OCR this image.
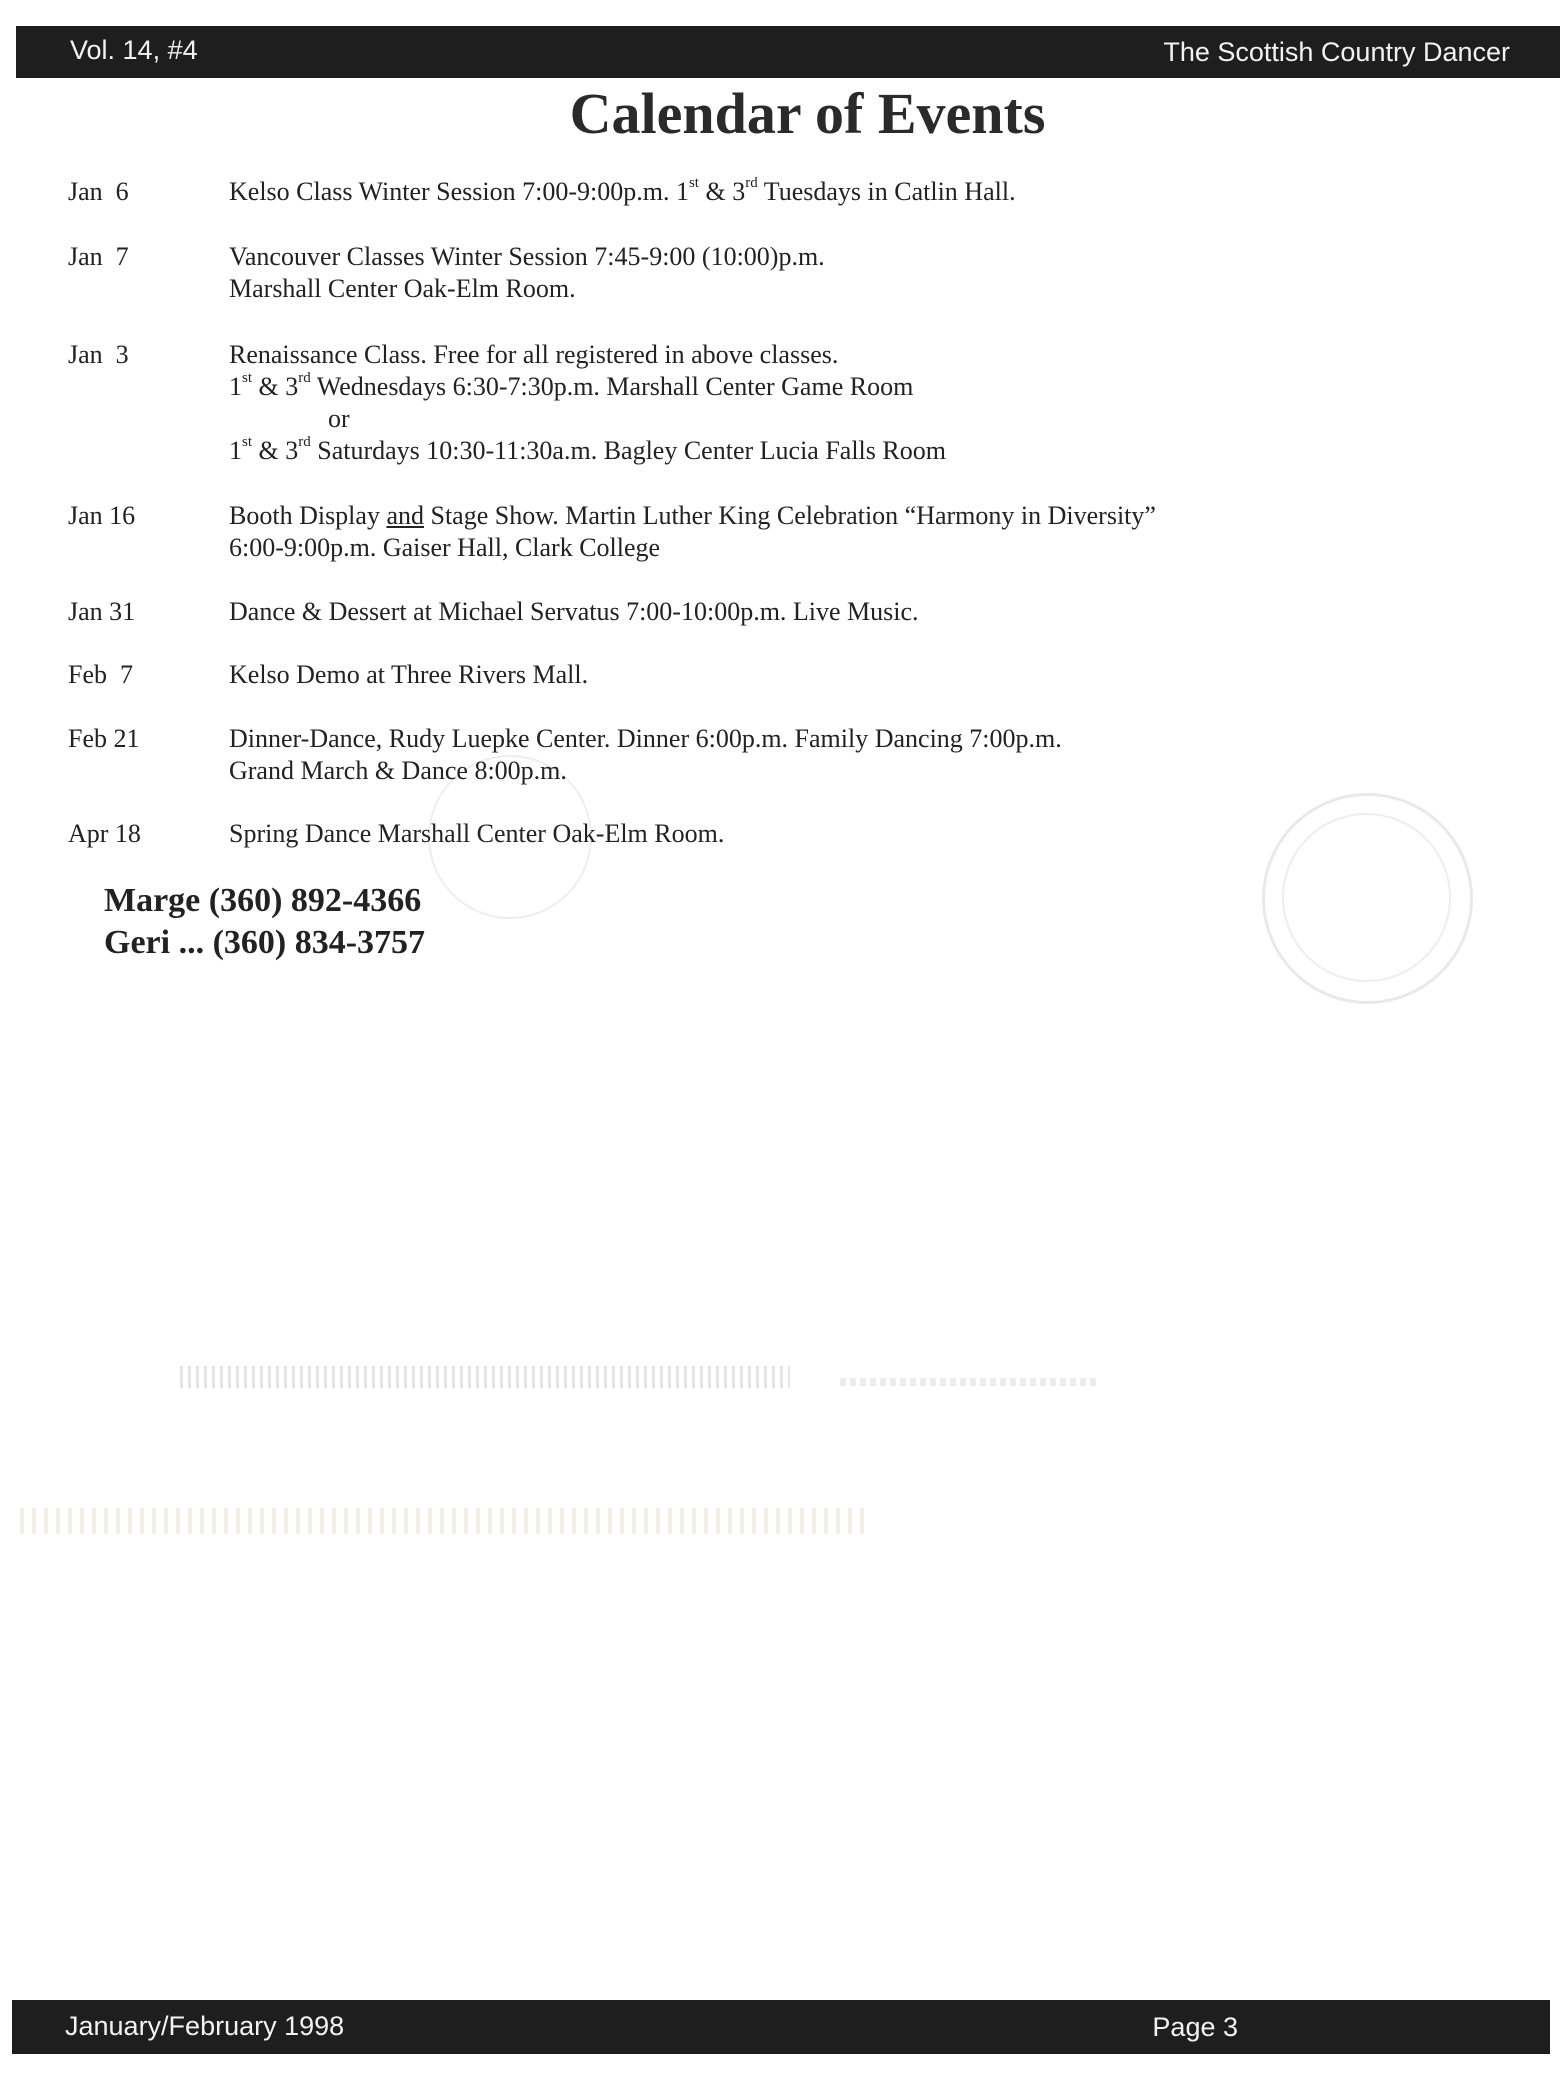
Vol. 14, #4	The Scottish Country Dancer
Calendar of Events
Jan  6	Kelso Class Winter Session 7:00-9:00p.m. 1st & 3rd Tuesdays in Catlin Hall.
Jan  7	Vancouver Classes Winter Session 7:45-9:00 (10:00)p.m.
Marshall Center Oak-Elm Room.
Jan  3	Renaissance Class. Free for all registered in above classes.
1st & 3rd Wednesdays 6:30-7:30p.m. Marshall Center Game Room
or
1st & 3rd Saturdays 10:30-11:30a.m. Bagley Center Lucia Falls Room
Jan 16	Booth Display and Stage Show. Martin Luther King Celebration “Harmony in Diversity”
6:00-9:00p.m. Gaiser Hall, Clark College
Jan 31	Dance & Dessert at Michael Servatus 7:00-10:00p.m. Live Music.
Feb  7	Kelso Demo at Three Rivers Mall.
Feb 21	Dinner-Dance, Rudy Luepke Center. Dinner 6:00p.m. Family Dancing 7:00p.m.
Grand March & Dance 8:00p.m.
Apr 18	Spring Dance Marshall Center Oak-Elm Room.
Marge (360) 892-4366
Geri ... (360) 834-3757
January/February 1998	Page 3
